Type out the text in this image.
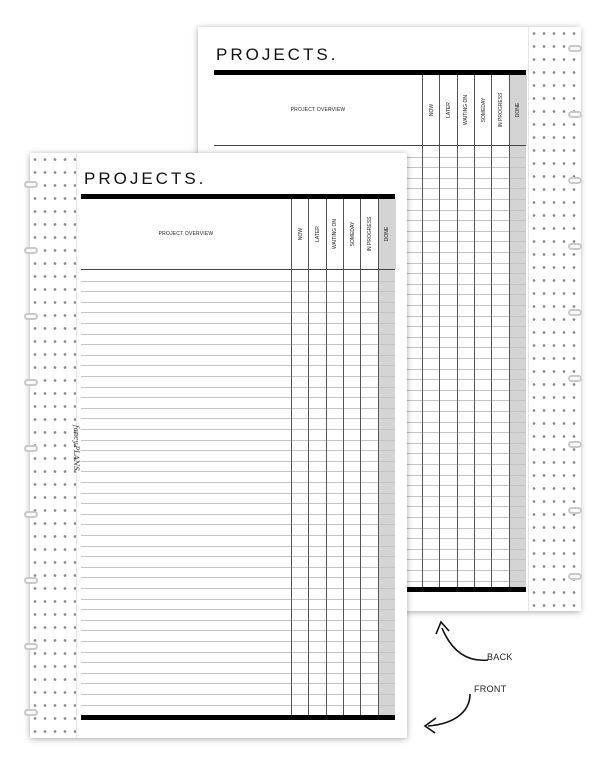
PROJECTS.
PROJECT OVERVIEW	NOW LATER WAITING ON SOMEDAY IN PROGRESS DONE
fancy.PLANS
PROJECTS.
PROJECT OVERVIEW	NOW LATER WAITING ON SOMEDAY IN PROGRESS DONE
BACK
FRONT
